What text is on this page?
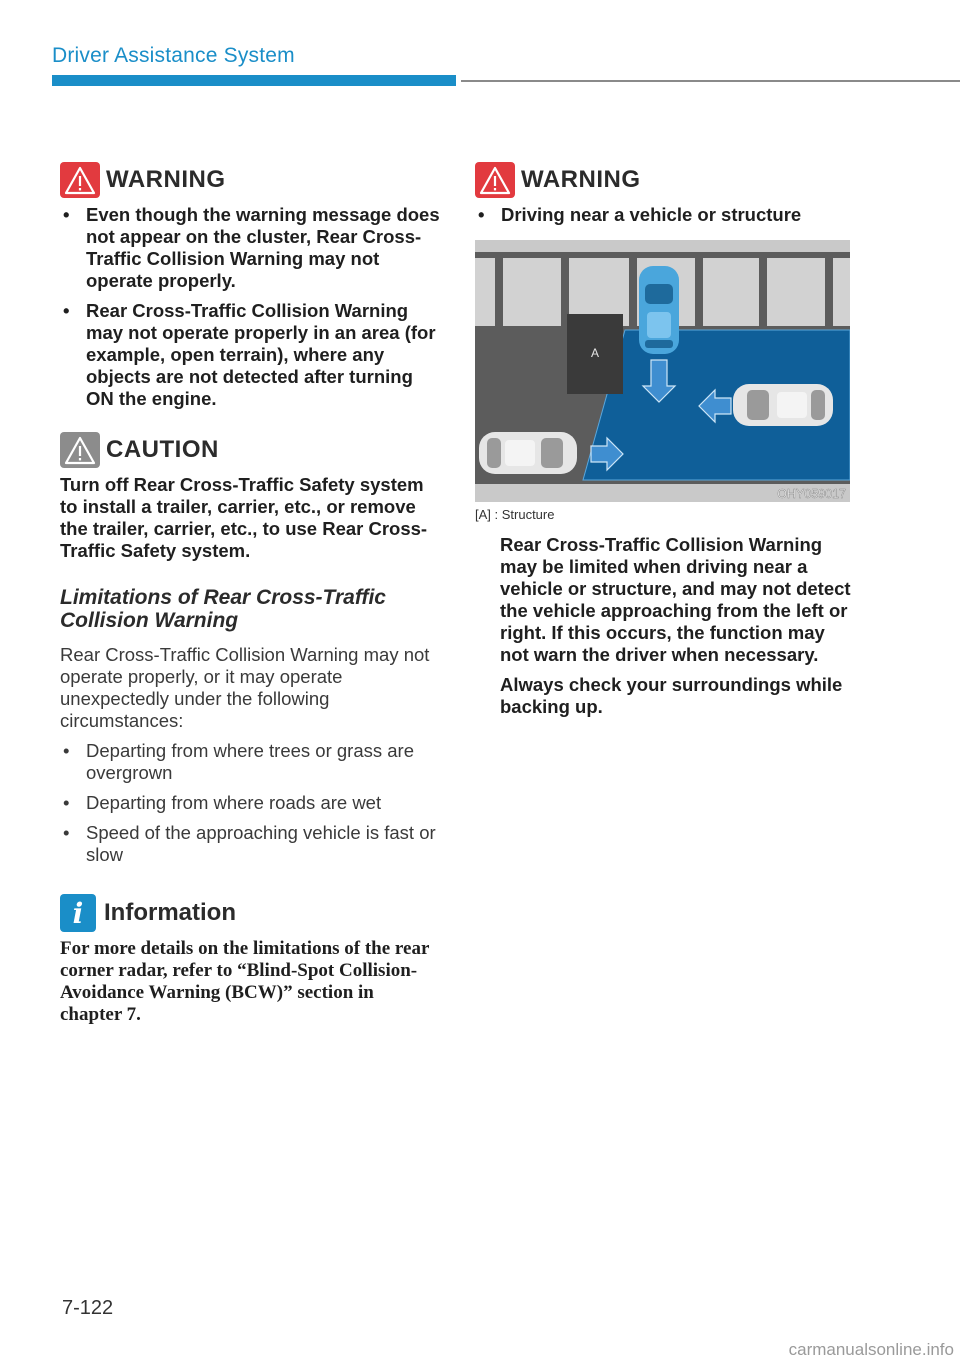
Driver Assistance System
WARNING
• Even though the warning message does not appear on the cluster, Rear Cross-Traffic Collision Warning may not operate properly.
• Rear Cross-Traffic Collision Warning may not operate properly in an area (for example, open terrain), where any objects are not detected after turning ON the engine.
CAUTION
Turn off Rear Cross-Traffic Safety system to install a trailer, carrier, etc., or remove the trailer, carrier, etc., to use Rear Cross-Traffic Safety system.
Limitations of Rear Cross-Traffic
Collision Warning
Rear Cross-Traffic Collision Warning may not operate properly, or it may operate unexpectedly under the following circumstances:
• Departing from where trees or grass are overgrown
• Departing from where roads are wet
• Speed of the approaching vehicle is fast or slow
i Information
For more details on the limitations of the rear corner radar, refer to “Blind-Spot Collision-Avoidance Warning (BCW)” section in chapter 7.
WARNING
• Driving near a vehicle or structure
A
OHY059017
[A] : Structure
Rear Cross-Traffic Collision Warning may be limited when driving near a vehicle or structure, and may not detect the vehicle approaching from the left or right. If this occurs, the function may not warn the driver when necessary.
Always check your surroundings while backing up.
7-122
carmanualsonline.info
